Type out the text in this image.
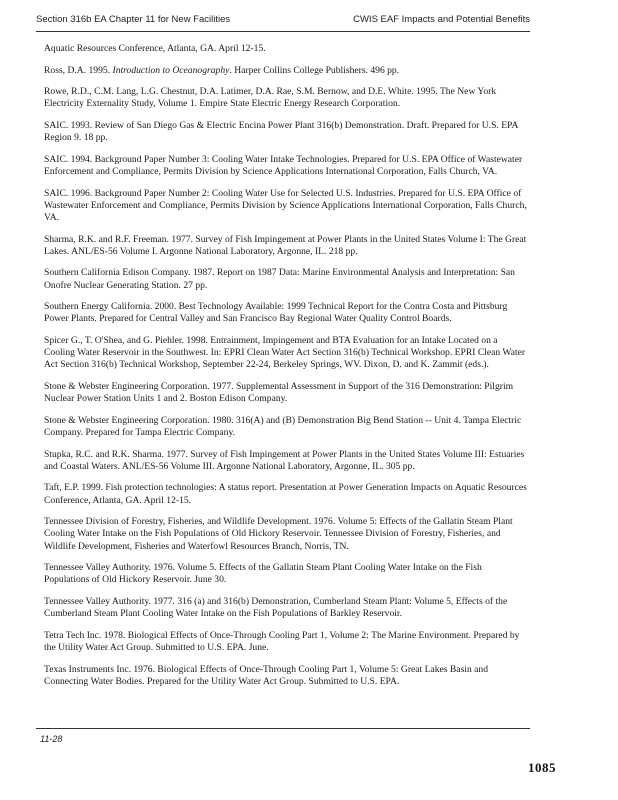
Section 316b EA Chapter 11 for New Facilities	CWIS EAF Impacts and Potential Benefits

Aquatic Resources Conference, Atlanta, GA. April 12-15.

Ross, D.A. 1995. Introduction to Oceanography. Harper Collins College Publishers. 496 pp.

Rowe, R.D., C.M. Lang, L.G. Chestnut, D.A. Latimer, D.A. Rae, S.M. Bernow, and D.E. White. 1995. The New York Electricity Externality Study, Volume 1. Empire State Electric Energy Research Corporation.

SAIC. 1993. Review of San Diego Gas & Electric Encina Power Plant 316(b) Demonstration. Draft. Prepared for U.S. EPA Region 9. 18 pp.

SAIC. 1994. Background Paper Number 3: Cooling Water Intake Technologies. Prepared for U.S. EPA Office of Wastewater Enforcement and Compliance, Permits Division by Science Applications International Corporation, Falls Church, VA.

SAIC. 1996. Background Paper Number 2: Cooling Water Use for Selected U.S. Industries. Prepared for U.S. EPA Office of Wastewater Enforcement and Compliance, Permits Division by Science Applications International Corporation, Falls Church, VA.

Sharma, R.K. and R.F. Freeman. 1977. Survey of Fish Impingement at Power Plants in the United States Volume I: The Great Lakes. ANL/ES-56 Volume I. Argonne National Laboratory, Argonne, IL. 218 pp.

Southern California Edison Company. 1987. Report on 1987 Data: Marine Environmental Analysis and Interpretation: San Onofre Nuclear Generating Station. 27 pp.

Southern Energy California. 2000. Best Technology Available: 1999 Technical Report for the Contra Costa and Pittsburg Power Plants. Prepared for Central Valley and San Francisco Bay Regional Water Quality Control Boards.

Spicer G., T. O'Shea, and G. Piehler. 1998. Entrainment, Impingement and BTA Evaluation for an Intake Located on a Cooling Water Reservoir in the Southwest. In: EPRI Clean Water Act Section 316(b) Technical Workshop. EPRI Clean Water Act Section 316(b) Technical Workshop, September 22-24, Berkeley Springs, WV. Dixon, D. and K. Zammit (eds.).

Stone & Webster Engineering Corporation. 1977. Supplemental Assessment in Support of the 316 Demonstration: Pilgrim Nuclear Power Station Units 1 and 2. Boston Edison Company.

Stone & Webster Engineering Corporation. 1980. 316(A) and (B) Demonstration Big Bend Station -- Unit 4. Tampa Electric Company. Prepared for Tampa Electric Company.

Stupka, R.C. and R.K. Sharma. 1977. Survey of Fish Impingement at Power Plants in the United States Volume III: Estuaries and Coastal Waters. ANL/ES-56 Volume III. Argonne National Laboratory, Argonne, IL. 305 pp.

Taft, E.P. 1999. Fish protection technologies: A status report. Presentation at Power Generation Impacts on Aquatic Resources Conference, Atlanta, GA. April 12-15.

Tennessee Division of Forestry, Fisheries, and Wildlife Development. 1976. Volume 5: Effects of the Gallatin Steam Plant Cooling Water Intake on the Fish Populations of Old Hickory Reservoir. Tennessee Division of Forestry, Fisheries, and Wildlife Development, Fisheries and Waterfowl Resources Branch, Norris, TN.

Tennessee Valley Authority. 1976. Volume 5. Effects of the Gallatin Steam Plant Cooling Water Intake on the Fish Populations of Old Hickory Reservoir. June 30.

Tennessee Valley Authority. 1977. 316 (a) and 316(b) Demonstration, Cumberland Steam Plant: Volume 5, Effects of the Cumberland Steam Plant Cooling Water Intake on the Fish Populations of Barkley Reservoir.

Tetra Tech Inc. 1978. Biological Effects of Once-Through Cooling Part 1, Volume 2: The Marine Environment. Prepared by the Utility Water Act Group. Submitted to U.S. EPA. June.

Texas Instruments Inc. 1976. Biological Effects of Once-Through Cooling Part 1, Volume 5: Great Lakes Basin and Connecting Water Bodies. Prepared for the Utility Water Act Group. Submitted to U.S. EPA.

11-28
1085
